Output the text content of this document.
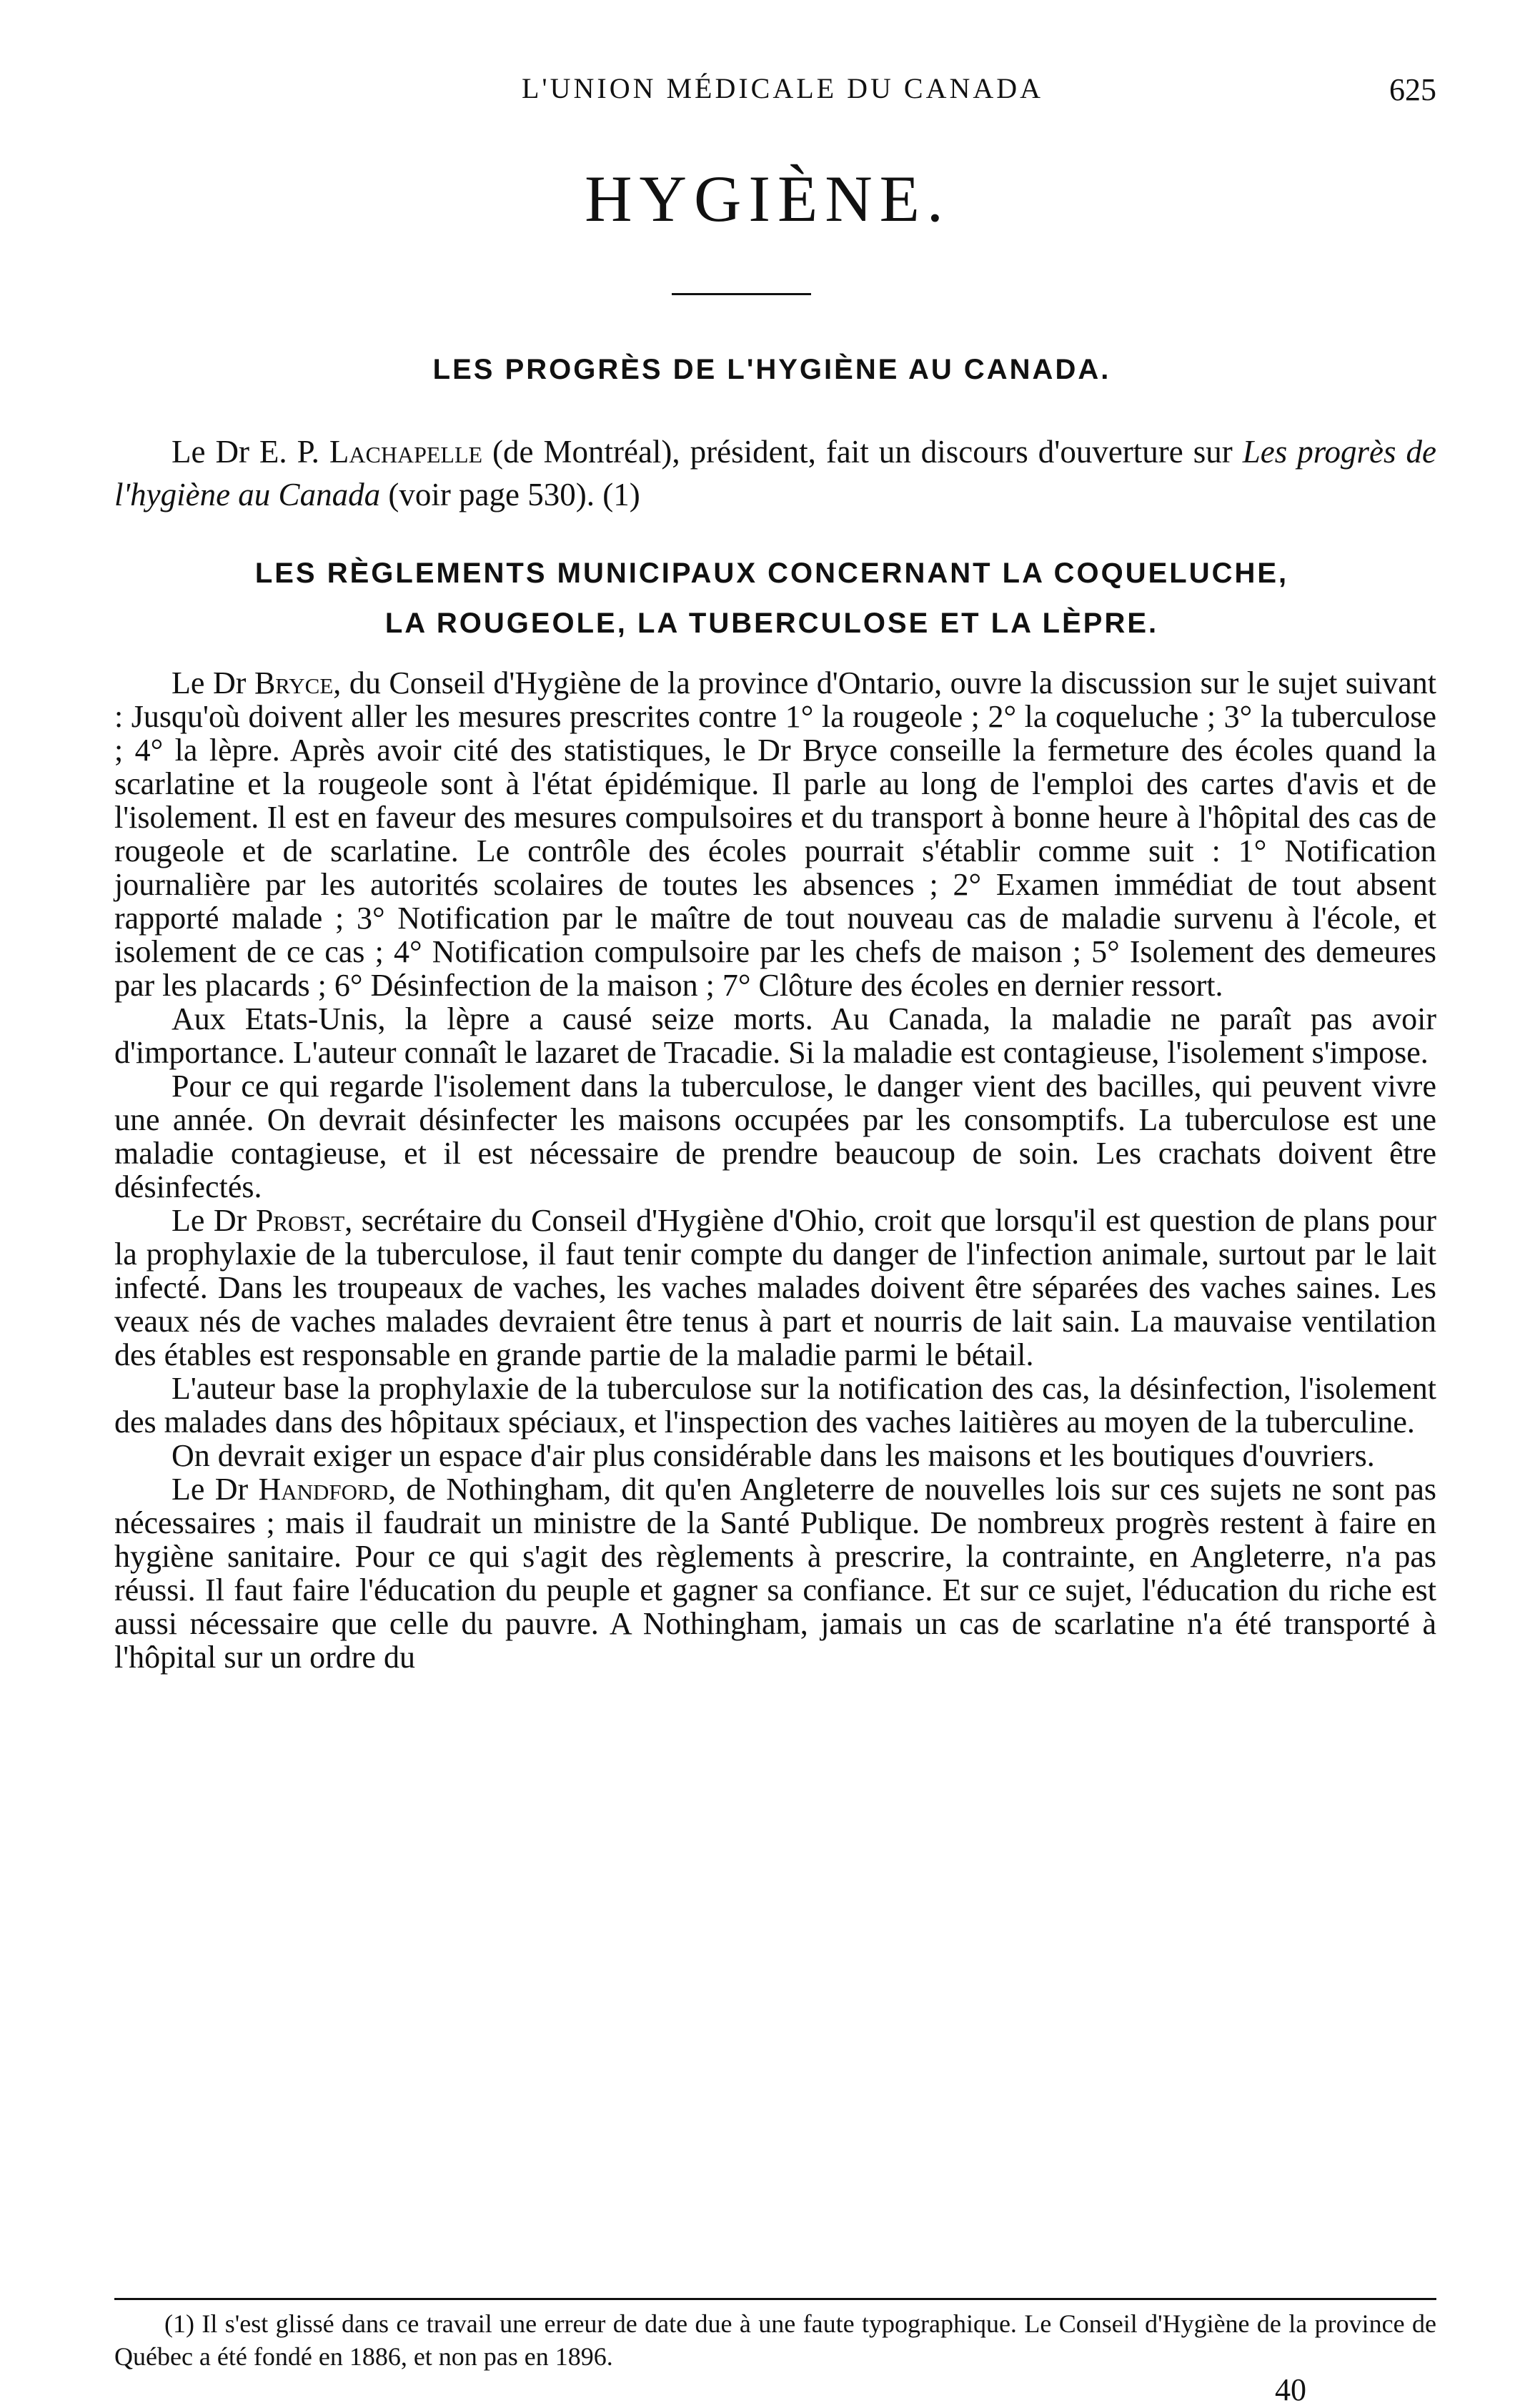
L'UNION MÉDICALE DU CANADA	625
HYGIÈNE.
LES PROGRÈS DE L'HYGIÈNE AU CANADA.

Le Dr E. P. Lachapelle (de Montréal), président, fait un discours d'ouverture sur Les progrès de l'hygiène au Canada (voir page 530). (1)

LES RÈGLEMENTS MUNICIPAUX CONCERNANT LA COQUELUCHE,
LA ROUGEOLE, LA TUBERCULOSE ET LA LÈPRE.

Le Dr Bryce, du Conseil d'Hygiène de la province d'Ontario, ouvre la discussion sur le sujet suivant : Jusqu'où doivent aller les mesures prescrites contre 1° la rougeole ; 2° la coqueluche ; 3° la tuberculose ; 4° la lèpre. Après avoir cité des statistiques, le Dr Bryce conseille la fermeture des écoles quand la scarlatine et la rougeole sont à l'état épidémique. Il parle au long de l'emploi des cartes d'avis et de l'isolement. Il est en faveur des mesures compulsoires et du transport à bonne heure à l'hôpital des cas de rougeole et de scarlatine. Le contrôle des écoles pourrait s'établir comme suit : 1° Notification journalière par les autorités scolaires de toutes les absences ; 2° Examen immédiat de tout absent rapporté malade ; 3° Notification par le maître de tout nouveau cas de maladie survenu à l'école, et isolement de ce cas ; 4° Notification compulsoire par les chefs de maison ; 5° Isolement des demeures par les placards ; 6° Désinfection de la maison ; 7° Clôture des écoles en dernier ressort.

Aux Etats-Unis, la lèpre a causé seize morts. Au Canada, la maladie ne paraît pas avoir d'importance. L'auteur connaît le lazaret de Tracadie. Si la maladie est contagieuse, l'isolement s'impose.

Pour ce qui regarde l'isolement dans la tuberculose, le danger vient des bacilles, qui peuvent vivre une année. On devrait désinfecter les maisons occupées par les consomptifs. La tuberculose est une maladie contagieuse, et il est nécessaire de prendre beaucoup de soin. Les crachats doivent être désinfectés.

Le Dr Probst, secrétaire du Conseil d'Hygiène d'Ohio, croit que lorsqu'il est question de plans pour la prophylaxie de la tuberculose, il faut tenir compte du danger de l'infection animale, surtout par le lait infecté. Dans les troupeaux de vaches, les vaches malades doivent être séparées des vaches saines. Les veaux nés de vaches malades devraient être tenus à part et nourris de lait sain. La mauvaise ventilation des étables est responsable en grande partie de la maladie parmi le bétail.

L'auteur base la prophylaxie de la tuberculose sur la notification des cas, la désinfection, l'isolement des malades dans des hôpitaux spéciaux, et l'inspection des vaches laitières au moyen de la tuberculine.

On devrait exiger un espace d'air plus considérable dans les maisons et les boutiques d'ouvriers.

Le Dr Handford, de Nothingham, dit qu'en Angleterre de nouvelles lois sur ces sujets ne sont pas nécessaires ; mais il faudrait un ministre de la Santé Publique. De nombreux progrès restent à faire en hygiène sanitaire. Pour ce qui s'agit des règlements à prescrire, la contrainte, en Angleterre, n'a pas réussi. Il faut faire l'éducation du peuple et gagner sa confiance. Et sur ce sujet, l'éducation du riche est aussi nécessaire que celle du pauvre. A Nothingham, jamais un cas de scarlatine n'a été transporté à l'hôpital sur un ordre du

(1) Il s'est glissé dans ce travail une erreur de date due à une faute typographique. Le Conseil d'Hygiène de la province de Québec a été fondé en 1886, et non pas en 1896.

40
